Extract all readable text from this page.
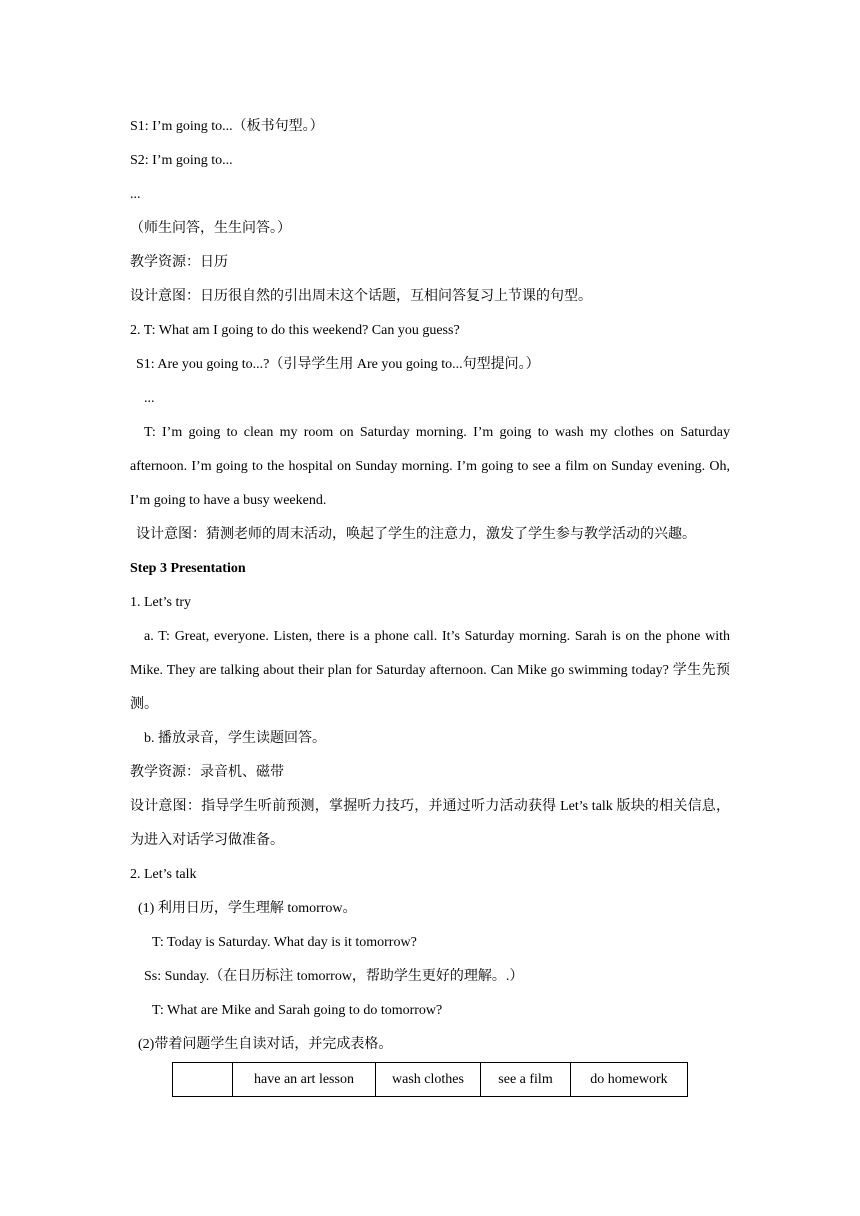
S1: I’m going to...（板书句型。）
S2: I’m going to...
...
（师生问答，生生问答。）
教学资源：日历
设计意图：日历很自然的引出周末这个话题，互相问答复习上节课的句型。
2. T: What am I going to do this weekend? Can you guess?
S1: Are you going to...?（引导学生用 Are you going to...句型提问。）
...
T: I’m going to clean my room on Saturday morning. I’m going to wash my clothes on Saturday afternoon. I’m going to the hospital on Sunday morning. I’m going to see a film on Sunday evening. Oh, I’m going to have a busy weekend.
设计意图：猜测老师的周末活动，唤起了学生的注意力，激发了学生参与教学活动的兴趣。
Step 3 Presentation
1. Let’s try
a. T: Great, everyone. Listen, there is a phone call. It’s Saturday morning. Sarah is on the phone with Mike. They are talking about their plan for Saturday afternoon. Can Mike go swimming today? 学生先预测。
b. 播放录音，学生读题回答。
教学资源：录音机、磁带
设计意图：指导学生听前预测，掌握听力技巧，并通过听力活动获得 Let’s talk 版块的相关信息，为进入对话学习做准备。
2. Let’s talk
(1) 利用日历，学生理解 tomorrow。
T: Today is Saturday. What day is it tomorrow?
Ss: Sunday.（在日历标注 tomorrow，帮助学生更好的理解。.）
T: What are Mike and Sarah going to do tomorrow?
(2)带着问题学生自读对话，并完成表格。
	have an art lesson	wash clothes	see a film	do homework
